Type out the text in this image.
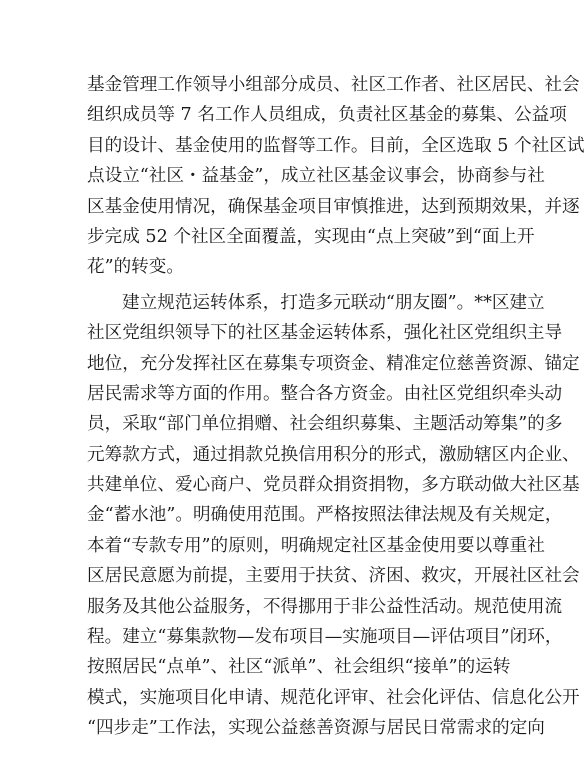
基金管理工作领导小组部分成员、社区工作者、社区居民、社会
组织成员等 7 名工作人员组成，负责社区基金的募集、公益项
目的设计、基金使用的监督等工作。目前，全区选取 5 个社区试
点设立“社区・益基金”，成立社区基金议事会，协商参与社
区基金使用情况，确保基金项目审慎推进，达到预期效果，并逐
步完成 52 个社区全面覆盖，实现由“点上突破”到“面上开
花”的转变。
建立规范运转体系，打造多元联动“朋友圈”。**区建立
社区党组织领导下的社区基金运转体系，强化社区党组织主导
地位，充分发挥社区在募集专项资金、精准定位慈善资源、锚定
居民需求等方面的作用。整合各方资金。由社区党组织牵头动
员，采取“部门单位捐赠、社会组织募集、主题活动筹集”的多
元筹款方式，通过捐款兑换信用积分的形式，激励辖区内企业、
共建单位、爱心商户、党员群众捐资捐物，多方联动做大社区基
金“蓄水池”。明确使用范围。严格按照法律法规及有关规定，
本着“专款专用”的原则，明确规定社区基金使用要以尊重社
区居民意愿为前提，主要用于扶贫、济困、救灾，开展社区社会
服务及其他公益服务，不得挪用于非公益性活动。规范使用流
程。建立“募集款物—发布项目—实施项目—评估项目”闭环，
按照居民“点单”、社区“派单”、社会组织“接单”的运转
模式，实施项目化申请、规范化评审、社会化评估、信息化公开
“四步走”工作法，实现公益慈善资源与居民日常需求的定向
